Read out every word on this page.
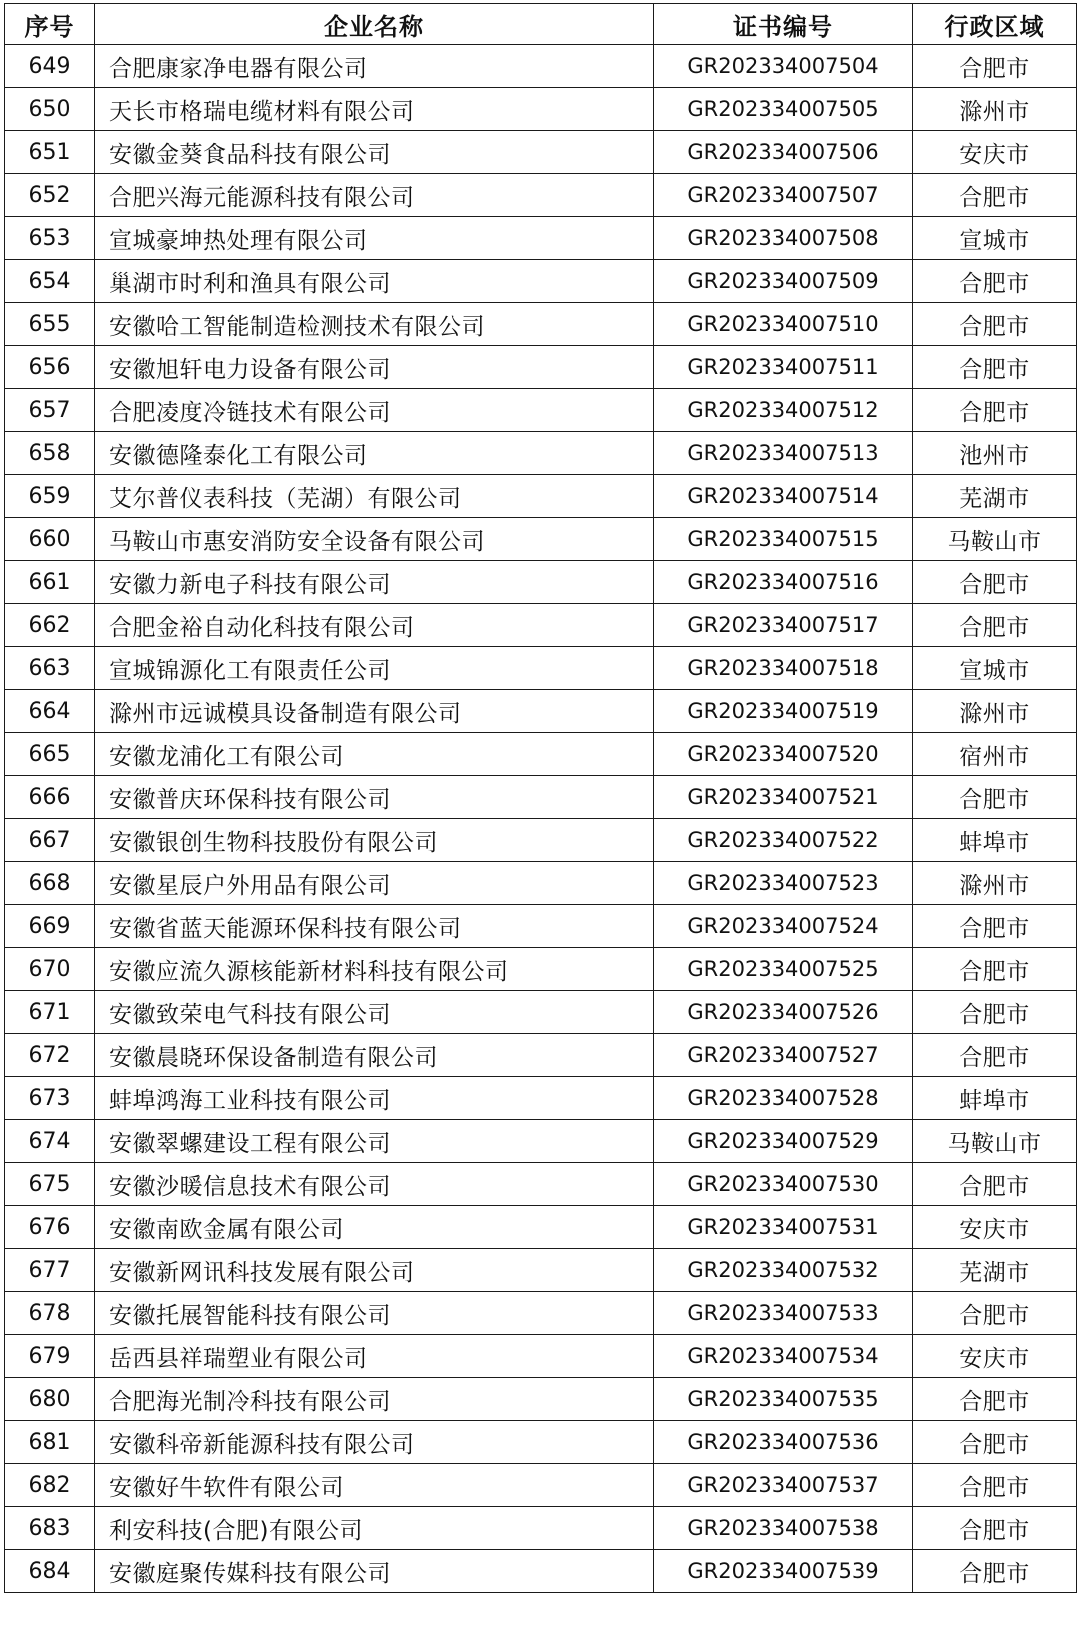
序号	企业名称	证书编号	行政区域
649	合肥康家净电器有限公司	GR202334007504	合肥市
650	天长市格瑞电缆材料有限公司	GR202334007505	滁州市
651	安徽金葵食品科技有限公司	GR202334007506	安庆市
652	合肥兴海元能源科技有限公司	GR202334007507	合肥市
653	宣城豪坤热处理有限公司	GR202334007508	宣城市
654	巢湖市时利和渔具有限公司	GR202334007509	合肥市
655	安徽哈工智能制造检测技术有限公司	GR202334007510	合肥市
656	安徽旭轩电力设备有限公司	GR202334007511	合肥市
657	合肥凌度冷链技术有限公司	GR202334007512	合肥市
658	安徽德隆泰化工有限公司	GR202334007513	池州市
659	艾尔普仪表科技（芜湖）有限公司	GR202334007514	芜湖市
660	马鞍山市惠安消防安全设备有限公司	GR202334007515	马鞍山市
661	安徽力新电子科技有限公司	GR202334007516	合肥市
662	合肥金裕自动化科技有限公司	GR202334007517	合肥市
663	宣城锦源化工有限责任公司	GR202334007518	宣城市
664	滁州市远诚模具设备制造有限公司	GR202334007519	滁州市
665	安徽龙浦化工有限公司	GR202334007520	宿州市
666	安徽普庆环保科技有限公司	GR202334007521	合肥市
667	安徽银创生物科技股份有限公司	GR202334007522	蚌埠市
668	安徽星辰户外用品有限公司	GR202334007523	滁州市
669	安徽省蓝天能源环保科技有限公司	GR202334007524	合肥市
670	安徽应流久源核能新材料科技有限公司	GR202334007525	合肥市
671	安徽致荣电气科技有限公司	GR202334007526	合肥市
672	安徽晨晓环保设备制造有限公司	GR202334007527	合肥市
673	蚌埠鸿海工业科技有限公司	GR202334007528	蚌埠市
674	安徽翠螺建设工程有限公司	GR202334007529	马鞍山市
675	安徽沙暖信息技术有限公司	GR202334007530	合肥市
676	安徽南欧金属有限公司	GR202334007531	安庆市
677	安徽新网讯科技发展有限公司	GR202334007532	芜湖市
678	安徽托展智能科技有限公司	GR202334007533	合肥市
679	岳西县祥瑞塑业有限公司	GR202334007534	安庆市
680	合肥海光制冷科技有限公司	GR202334007535	合肥市
681	安徽科帝新能源科技有限公司	GR202334007536	合肥市
682	安徽好牛软件有限公司	GR202334007537	合肥市
683	利安科技(合肥)有限公司	GR202334007538	合肥市
684	安徽庭聚传媒科技有限公司	GR202334007539	合肥市
